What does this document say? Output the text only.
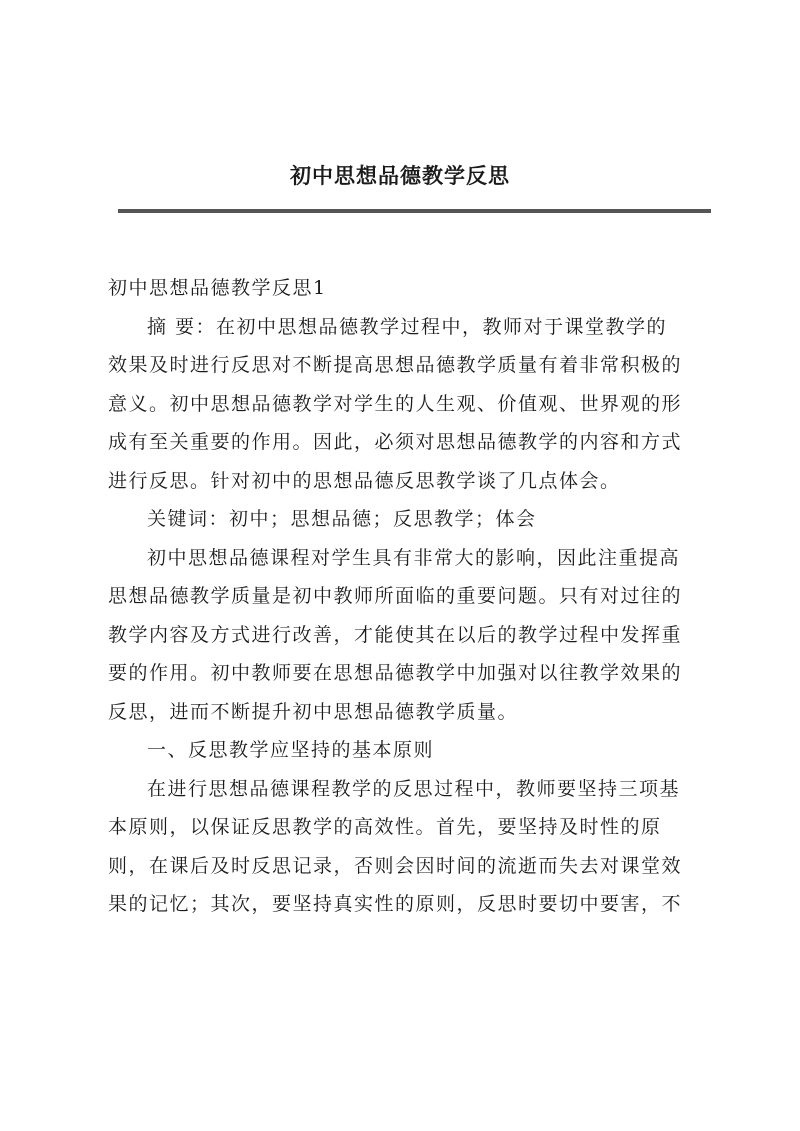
初中思想品德教学反思
初中思想品德教学反思1
摘 要：在初中思想品德教学过程中，教师对于课堂教学的
效果及时进行反思对不断提高思想品德教学质量有着非常积极的
意义。初中思想品德教学对学生的人生观、价值观、世界观的形
成有至关重要的作用。因此，必须对思想品德教学的内容和方式
进行反思。针对初中的思想品德反思教学谈了几点体会。
关键词：初中；思想品德；反思教学；体会
初中思想品德课程对学生具有非常大的影响，因此注重提高
思想品德教学质量是初中教师所面临的重要问题。只有对过往的
教学内容及方式进行改善，才能使其在以后的教学过程中发挥重
要的作用。初中教师要在思想品德教学中加强对以往教学效果的
反思，进而不断提升初中思想品德教学质量。
一、反思教学应坚持的基本原则
在进行思想品德课程教学的反思过程中，教师要坚持三项基
本原则，以保证反思教学的高效性。首先，要坚持及时性的原
则，在课后及时反思记录，否则会因时间的流逝而失去对课堂效
果的记忆；其次，要坚持真实性的原则，反思时要切中要害，不
